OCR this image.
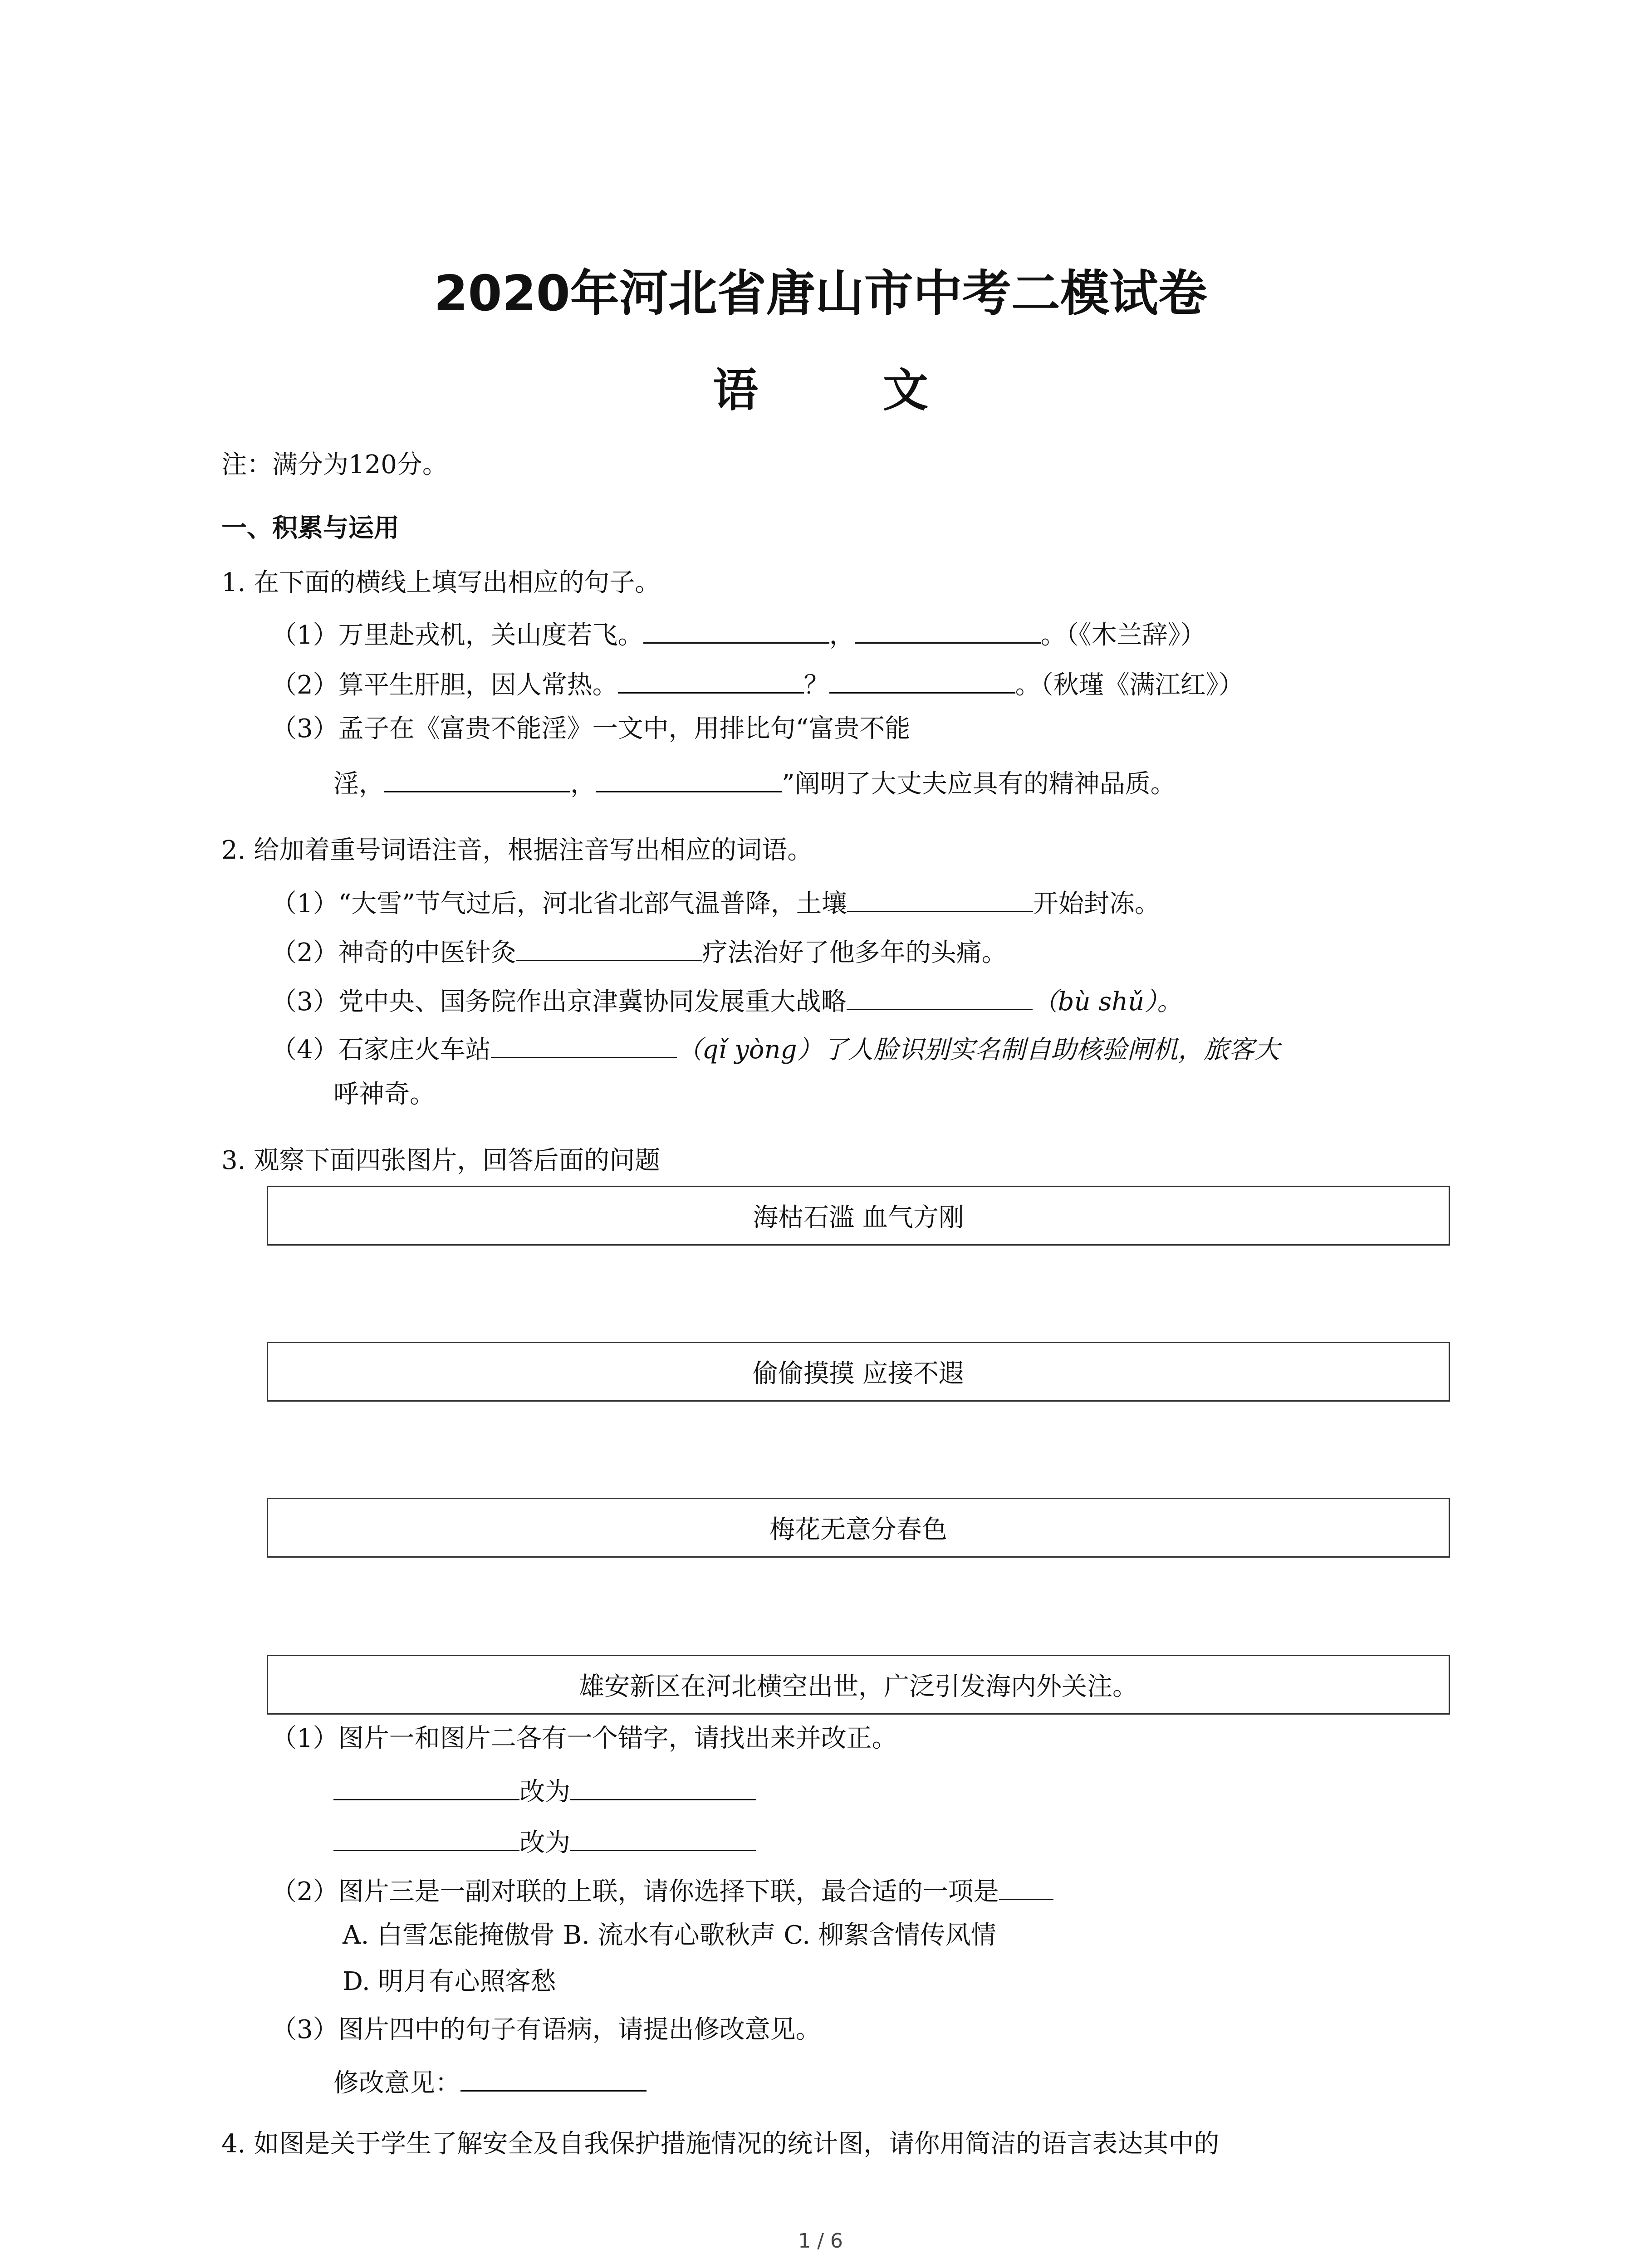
2020年河北省唐山市中考二模试卷
语 文
注：满分为120分。
一、积累与运用
1. 在下面的横线上填写出相应的句子。
（1）万里赴戎机，关山度若飞。	，	。（《木兰辞》）
（2）算平生肝胆，因人常热。	？	。（秋瑾《满江红》）
（3）孟子在《富贵不能淫》一文中，用排比句“富贵不能
淫，	，	”阐明了大丈夫应具有的精神品质。
2. 给加着重号词语注音，根据注音写出相应的词语。
（1）“大雪”节气过后，河北省北部气温普降，土壤	开始封冻。
（2）神奇的中医针灸	疗法治好了他多年的头痛。
（3）党中央、国务院作出京津冀协同发展重大战略	（bù shǔ）。
（4）石家庄火车站	（qǐ yòng）了人脸识别实名制自助核验闸机，旅客大
呼神奇。
3. 观察下面四张图片，回答后面的问题
海枯石滥 血气方刚
偷偷摸摸 应接不遐
梅花无意分春色
雄安新区在河北横空出世，广泛引发海内外关注。
（1）图片一和图片二各有一个错字，请找出来并改正。
改为
改为
（2）图片三是一副对联的上联，请你选择下联，最合适的一项是
A. 白雪怎能掩傲骨 B. 流水有心歌秋声 C. 柳絮含情传风情
D. 明月有心照客愁
（3）图片四中的句子有语病，请提出修改意见。
修改意见：
4. 如图是关于学生了解安全及自我保护措施情况的统计图，请你用简洁的语言表达其中的
1 / 6
